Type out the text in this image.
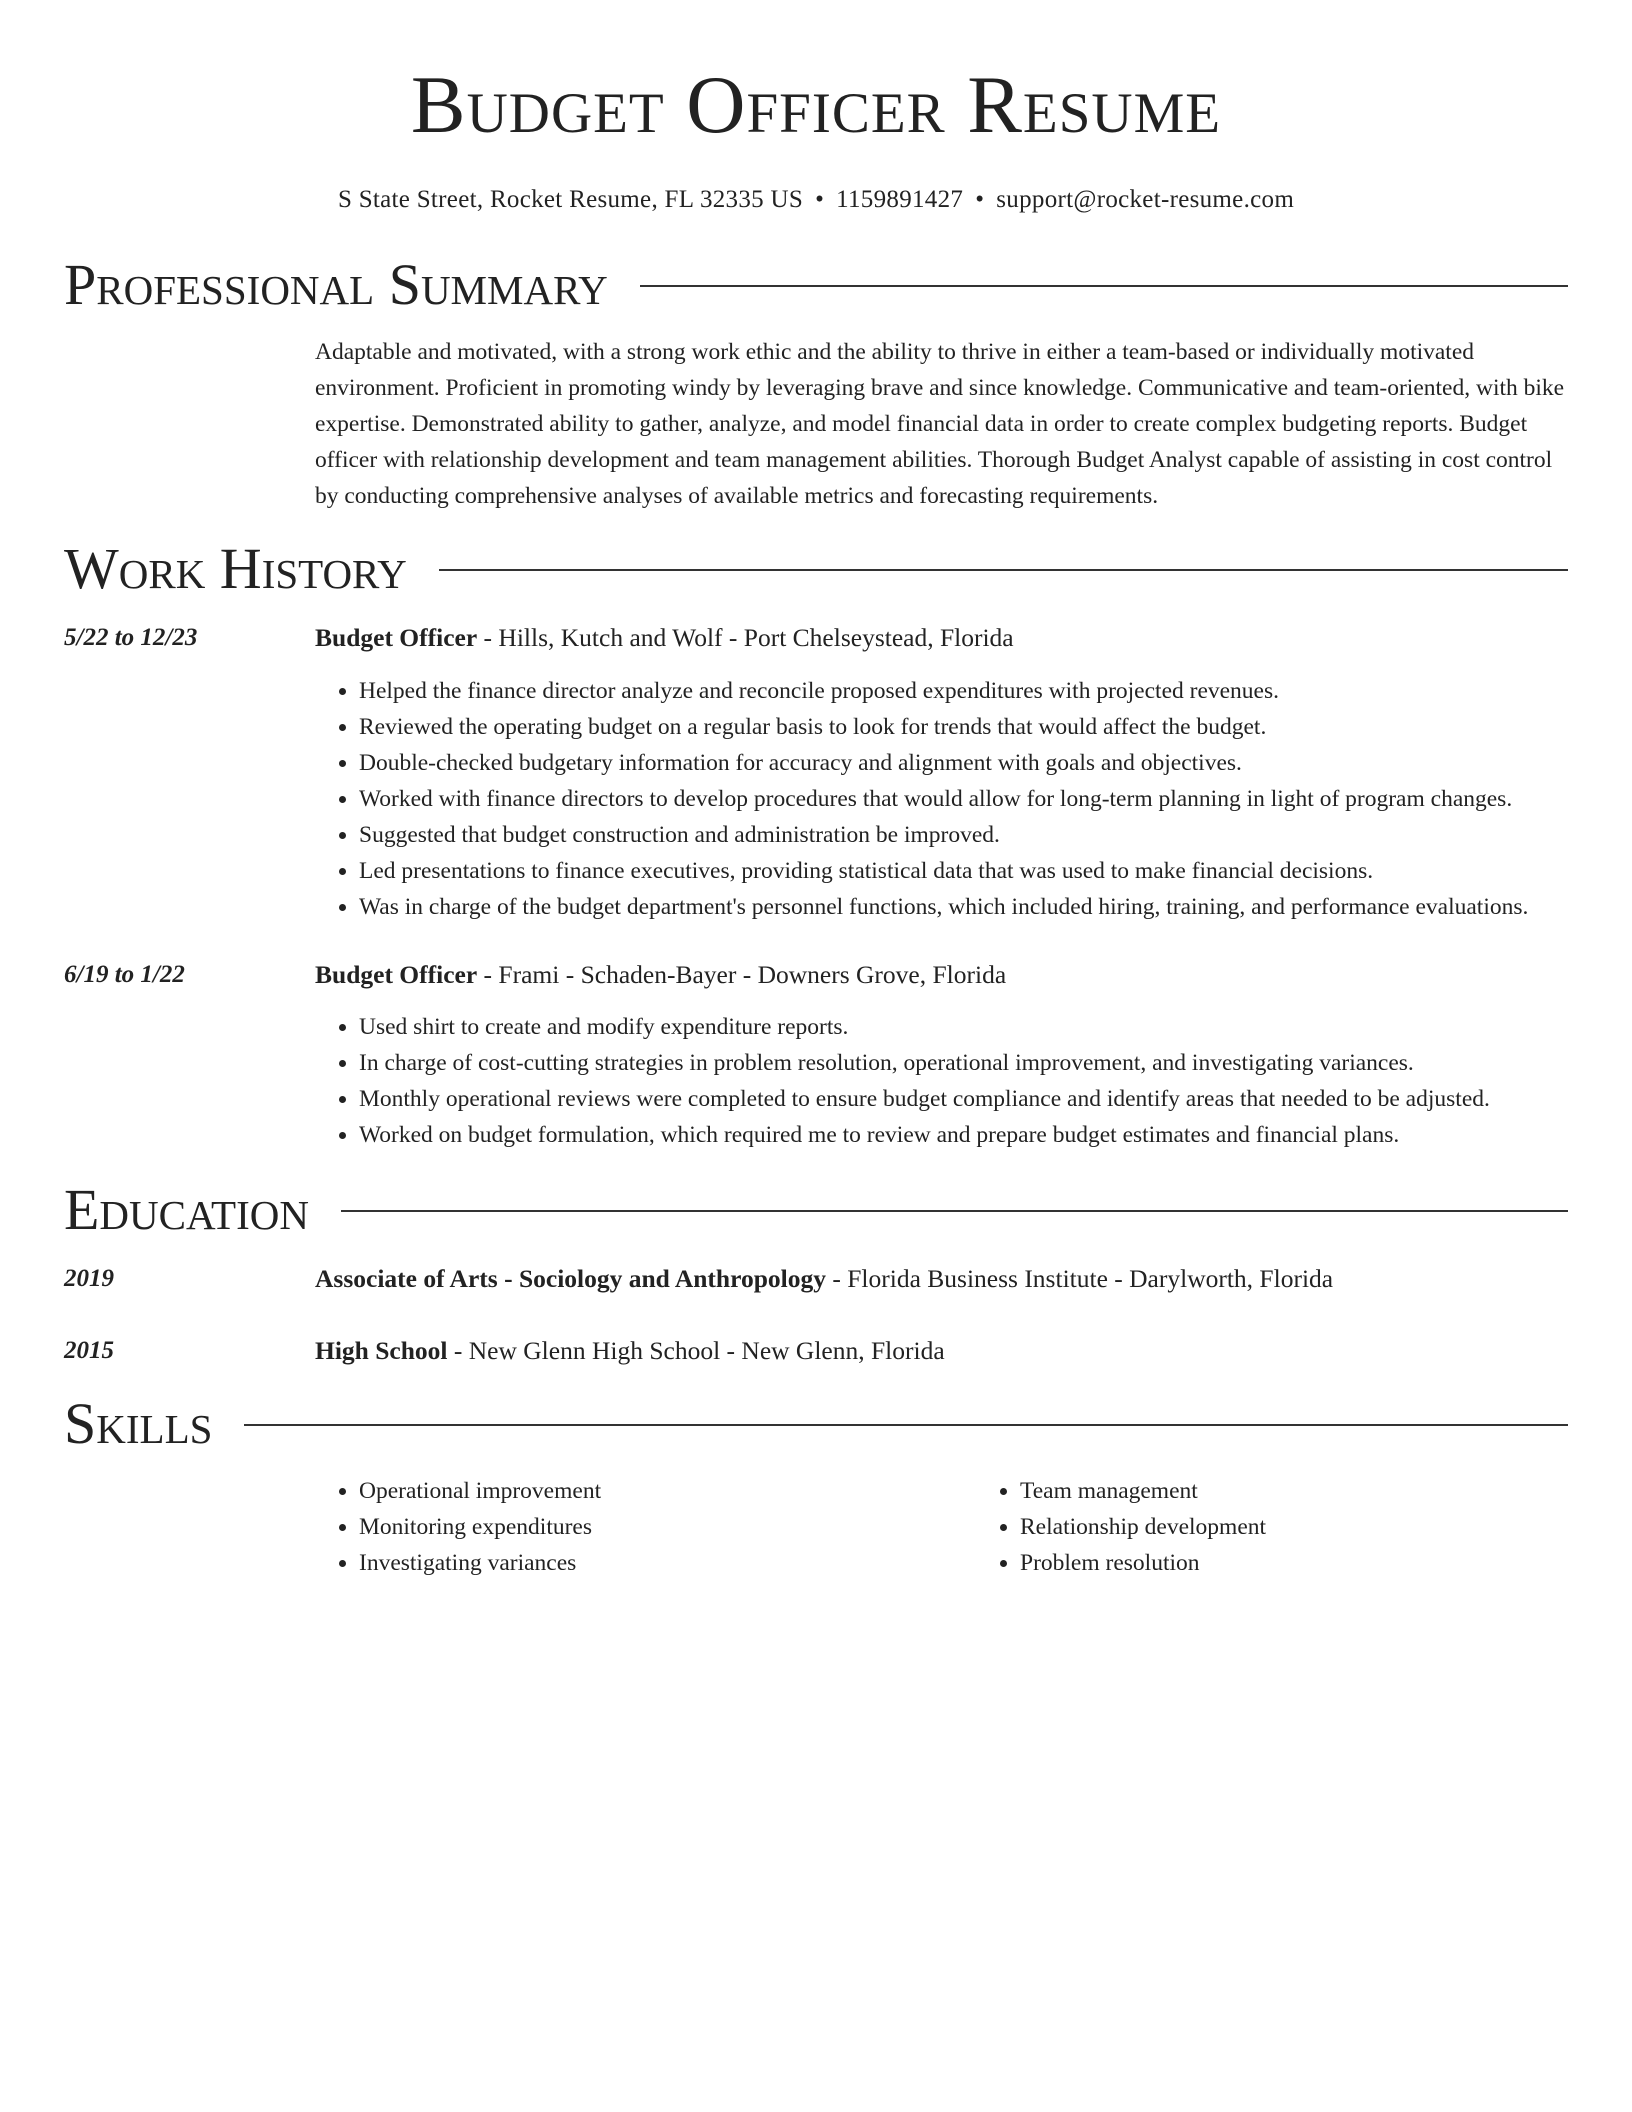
Budget Officer Resume
S State Street, Rocket Resume, FL 32335 US • 1159891427 • support@rocket-resume.com
Professional Summary

Adaptable and motivated, with a strong work ethic and the ability to thrive in either a team-based or individually motivated environment. Proficient in promoting windy by leveraging brave and since knowledge. Communicative and team-oriented, with bike expertise. Demonstrated ability to gather, analyze, and model financial data in order to create complex budgeting reports. Budget officer with relationship development and team management abilities. Thorough Budget Analyst capable of assisting in cost control by conducting comprehensive analyses of available metrics and forecasting requirements.

Work History
5/22 to 12/23	Budget Officer - Hills, Kutch and Wolf - Port Chelseystead, Florida
• Helped the finance director analyze and reconcile proposed expenditures with projected revenues.
• Reviewed the operating budget on a regular basis to look for trends that would affect the budget.
• Double-checked budgetary information for accuracy and alignment with goals and objectives.
• Worked with finance directors to develop procedures that would allow for long-term planning in light of program changes.
• Suggested that budget construction and administration be improved.
• Led presentations to finance executives, providing statistical data that was used to make financial decisions.
• Was in charge of the budget department's personnel functions, which included hiring, training, and performance evaluations.
6/19 to 1/22	Budget Officer - Frami - Schaden-Bayer - Downers Grove, Florida
• Used shirt to create and modify expenditure reports.
• In charge of cost-cutting strategies in problem resolution, operational improvement, and investigating variances.
• Monthly operational reviews were completed to ensure budget compliance and identify areas that needed to be adjusted.
• Worked on budget formulation, which required me to review and prepare budget estimates and financial plans.
Education
2019	Associate of Arts - Sociology and Anthropology - Florida Business Institute - Darylworth, Florida
2015	High School - New Glenn High School - New Glenn, Florida
Skills
• Operational improvement
• Monitoring expenditures
• Investigating variances
• Team management
• Relationship development
• Problem resolution
